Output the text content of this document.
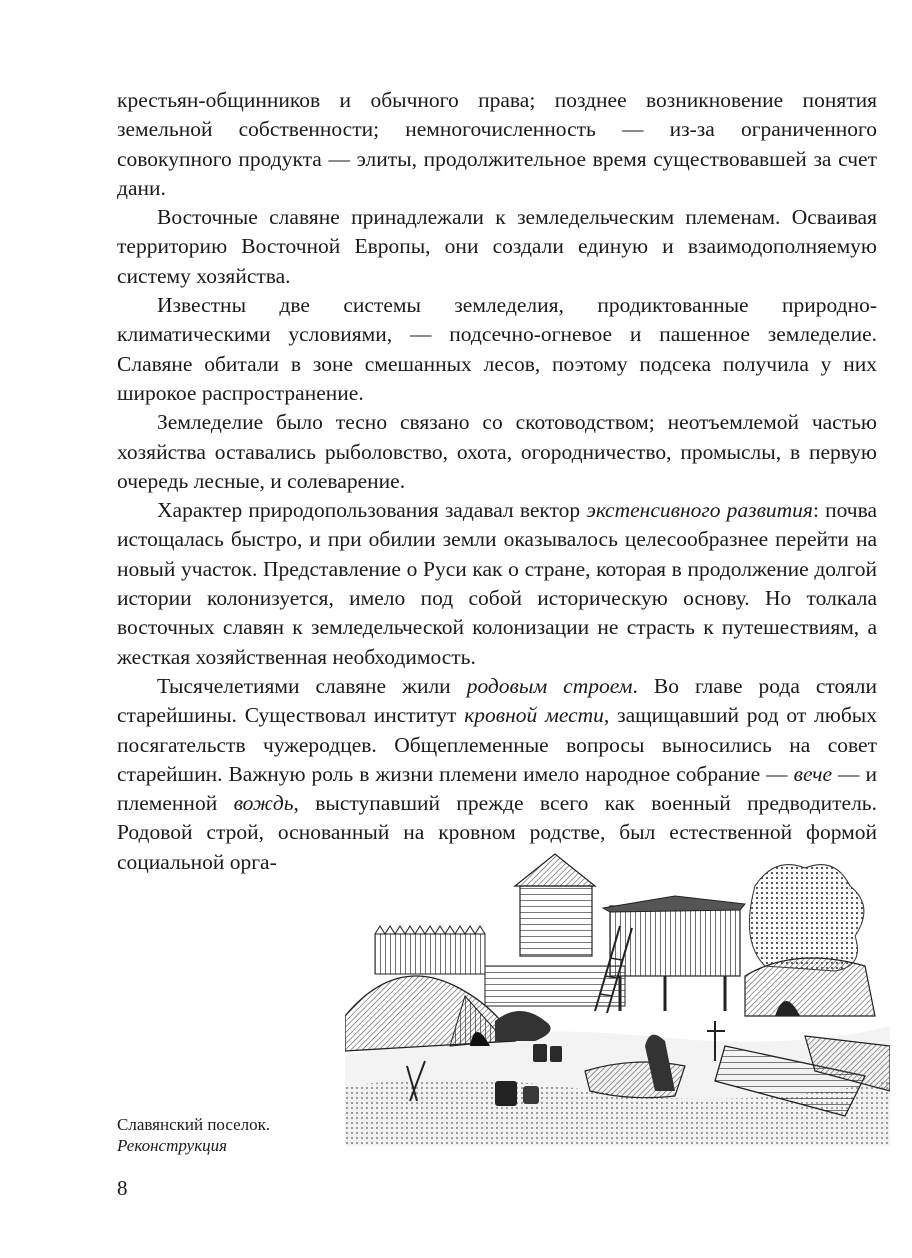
крестьян-общинников и обычного права; позднее возникновение понятия земельной собственности; немногочисленность — из-за ограниченного совокупного продукта — элиты, продолжительное время существовавшей за счет дани.

Восточные славяне принадлежали к земледельческим племенам. Осваивая территорию Восточной Европы, они создали единую и взаимодополняемую систему хозяйства.

Известны две системы земледелия, продиктованные природно-климатическими условиями, — подсечно-огневое и пашенное земледелие. Славяне обитали в зоне смешанных лесов, поэтому подсека получила у них широкое распространение.

Земледелие было тесно связано со скотоводством; неотъемлемой частью хозяйства оставались рыболовство, охота, огородничество, промыслы, в первую очередь лесные, и солеварение.

Характер природопользования задавал вектор экстенсивного развития: почва истощалась быстро, и при обилии земли оказывалось целесообразнее перейти на новый участок. Представление о Руси как о стране, которая в продолжение долгой истории колонизуется, имело под собой историческую основу. Но толкала восточных славян к земледельческой колонизации не страсть к путешествиям, а жесткая хозяйственная необходимость.

Тысячелетиями славяне жили родовым строем. Во главе рода стояли старейшины. Существовал институт кровной мести, защищавший род от любых посягательств чужеродцев. Общеплеменные вопросы выносились на совет старейшин. Важную роль в жизни племени имело народное собрание — вече — и племенной вождь, выступавший прежде всего как военный предводитель. Родовой строй, основанный на кровном родстве, был естественной формой социальной орга-

Славянский поселок.
Реконструкция
8
